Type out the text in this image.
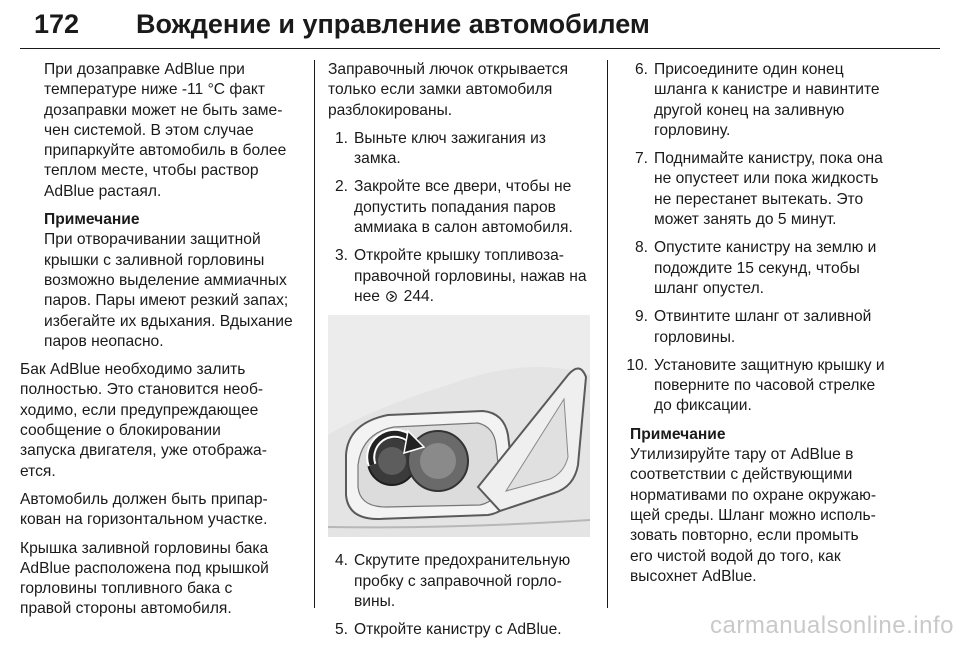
172 Вождение и управление автомобилем

При дозаправке AdBlue при
температуре ниже -11 °C факт
дозаправки может не быть заме-
чен системой. В этом случае
припаркуйте автомобиль в более
теплом месте, чтобы раствор
AdBlue растаял.

Примечание

При отворачивании защитной
крышки с заливной горловины
возможно выделение аммиачных
паров. Пары имеют резкий запах;
избегайте их вдыхания. Вдыхание
паров неопасно.

Бак AdBlue необходимо залить
полностью. Это становится необ-
ходимо, если предупреждающее
сообщение о блокировании
запуска двигателя, уже отобража-
ется.

Автомобиль должен быть припар-
кован на горизонтальном участке.

Крышка заливной горловины бака
AdBlue расположена под крышкой
горловины топливного бака с
правой стороны автомобиля.

Заправочный лючок открывается
только если замки автомобиля
разблокированы.

1. Выньте ключ зажигания из
замка.
2. Закройте все двери, чтобы не
допустить попадания паров
аммиака в салон автомобиля.
3. Откройте крышку топливоза-
правочной горловины, нажав на
нее 244.
4. Скрутите предохранительную
пробку с заправочной горло-
вины.
5. Откройте канистру с AdBlue.
6. Присоедините один конец
шланга к канистре и навинтите
другой конец на заливную
горловину.
7. Поднимайте канистру, пока она
не опустеет или пока жидкость
не перестанет вытекать. Это
может занять до 5 минут.
8. Опустите канистру на землю и
подождите 15 секунд, чтобы
шланг опустел.
9. Отвинтите шланг от заливной
горловины.
10. Установите защитную крышку и
поверните по часовой стрелке
до фиксации.

Примечание

Утилизируйте тару от AdBlue в
соответствии с действующими
нормативами по охране окружаю-
щей среды. Шланг можно исполь-
зовать повторно, если промыть
его чистой водой до того, как
высохнет AdBlue.

carmanualsonline.info
